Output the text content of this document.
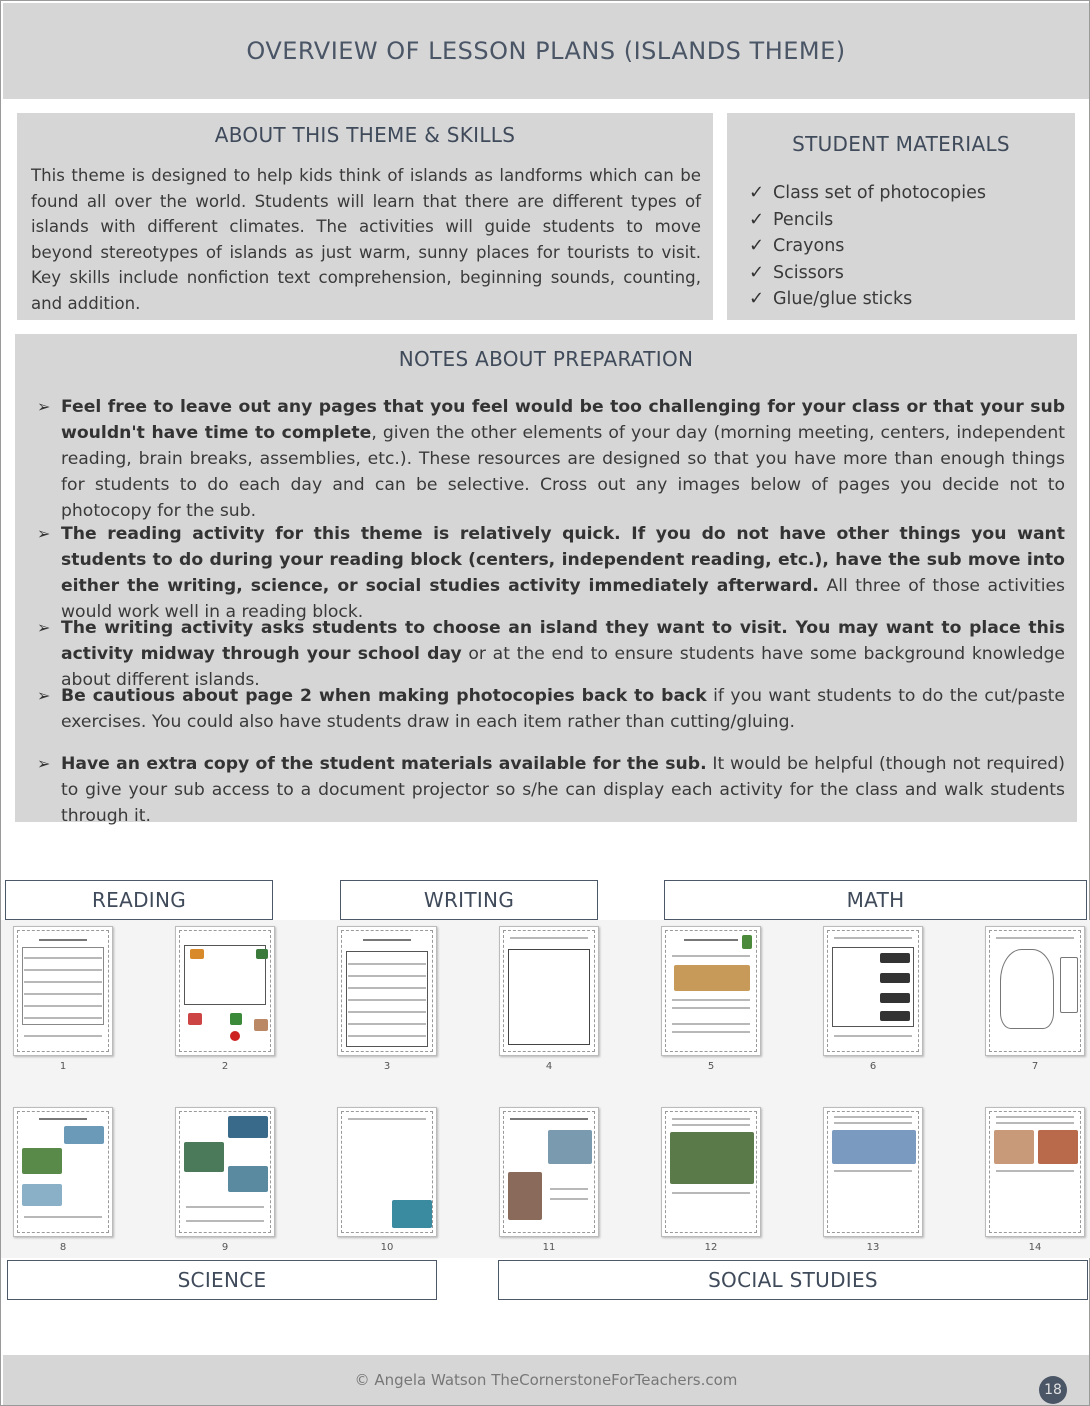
OVERVIEW OF LESSON PLANS (ISLANDS THEME)
ABOUT THIS THEME & SKILLS

This theme is designed to help kids think of islands as landforms which can be found all over the world. Students will learn that there are different types of islands with different climates. The activities will guide students to move beyond stereotypes of islands as just warm, sunny places for tourists to visit. Key skills include nonfiction text comprehension, beginning sounds, counting, and addition.

STUDENT MATERIALS
✓ Class set of photocopies
✓ Pencils
✓ Crayons
✓ Scissors
✓ Glue/glue sticks
NOTES ABOUT PREPARATION
➢ Feel free to leave out any pages that you feel would be too challenging for your class or that your sub wouldn't have time to complete, given the other elements of your day (morning meeting, centers, independent reading, brain breaks, assemblies, etc.). These resources are designed so that you have more than enough things for students to do each day and can be selective. Cross out any images below of pages you decide not to photocopy for the sub.
➢ The reading activity for this theme is relatively quick. If you do not have other things you want students to do during your reading block (centers, independent reading, etc.), have the sub move into either the writing, science, or social studies activity immediately afterward. All three of those activities would work well in a reading block.
➢ The writing activity asks students to choose an island they want to visit. You may want to place this activity midway through your school day or at the end to ensure students have some background knowledge about different islands.
➢ Be cautious about page 2 when making photocopies back to back if you want students to do the cut/paste exercises. You could also have students draw in each item rather than cutting/gluing.
➢ Have an extra copy of the student materials available for the sub. It would be helpful (though not required) to give your sub access to a document projector so s/he can display each activity for the class and walk students through it.
READING	WRITING	MATH
1	2	3	4	5	6	7
8	9	10	11	12	13	14
SCIENCE	SOCIAL STUDIES
© Angela Watson TheCornerstoneForTeachers.com
18
